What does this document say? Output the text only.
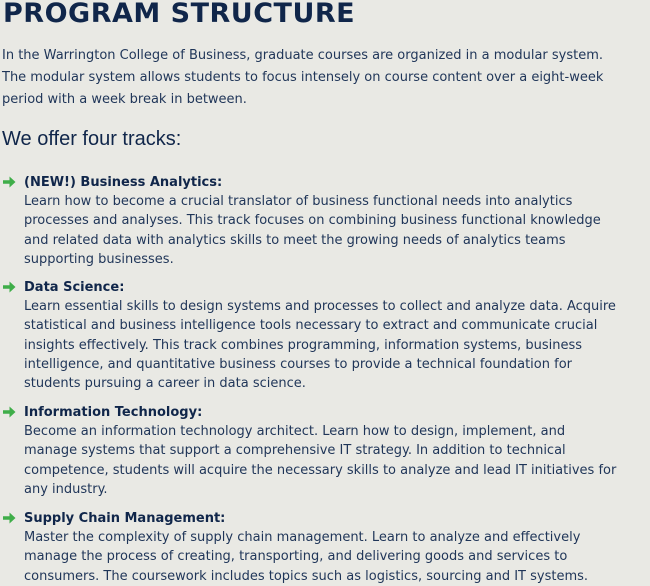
PROGRAM STRUCTURE

In the Warrington College of Business, graduate courses are organized in a modular system.
The modular system allows students to focus intensely on course content over a eight-week
period with a week break in between.

We offer four tracks:
(NEW!) Business Analytics:
Learn how to become a crucial translator of business functional needs into analytics
processes and analyses. This track focuses on combining business functional knowledge
and related data with analytics skills to meet the growing needs of analytics teams
supporting businesses.
Data Science:
Learn essential skills to design systems and processes to collect and analyze data. Acquire
statistical and business intelligence tools necessary to extract and communicate crucial
insights effectively. This track combines programming, information systems, business
intelligence, and quantitative business courses to provide a technical foundation for
students pursuing a career in data science.
Information Technology:
Become an information technology architect. Learn how to design, implement, and
manage systems that support a comprehensive IT strategy. In addition to technical
competence, students will acquire the necessary skills to analyze and lead IT initiatives for
any industry.
Supply Chain Management:
Master the complexity of supply chain management. Learn to analyze and effectively
manage the process of creating, transporting, and delivering goods and services to
consumers. The coursework includes topics such as logistics, sourcing and IT systems.
